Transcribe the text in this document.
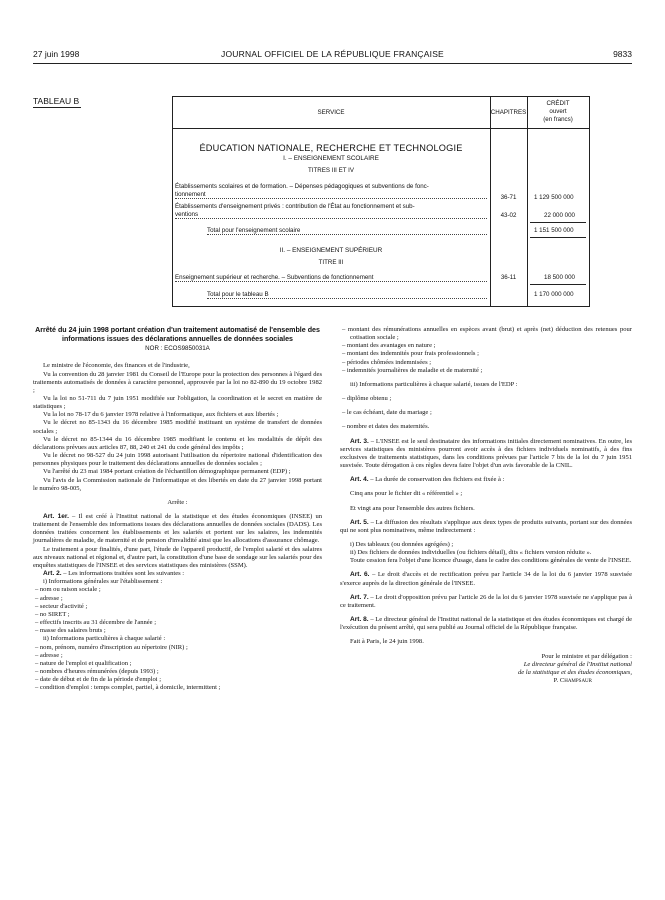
27 juin 1998	JOURNAL OFFICIEL DE LA RÉPUBLIQUE FRANÇAISE	9833
TABLEAU B
SERVICE	CHAPITRES
CRÉDIT
ouvert
(en francs)
ÉDUCATION NATIONALE, RECHERCHE ET TECHNOLOGIE
I. – ENSEIGNEMENT SCOLAIRE
TITRES III ET IV
Établissements scolaires et de formation. – Dépenses pédagogiques et subventions de fonc-
tionnement	36-71	1 129 500 000
Établissements d'enseignement privés : contribution de l'État au fonctionnement et sub-
ventions	43-02	22 000 000
Total pour l'enseignement scolaire	1 151 500 000
II. – ENSEIGNEMENT SUPÉRIEUR
TITRE III
Enseignement supérieur et recherche. – Subventions de fonctionnement	36-11	18 500 000
Total pour le tableau B	1 170 000 000
Arrêté du 24 juin 1998 portant création d'un traitement automatisé de l'ensemble des informations issues des déclarations annuelles de données sociales
NOR : ECOS9850031A

Le ministre de l'économie, des finances et de l'industrie,

Vu la convention du 28 janvier 1981 du Conseil de l'Europe pour la protection des personnes à l'égard des traitements automatisés de données à caractère personnel, approuvée par la loi no 82-890 du 19 octobre 1982 ;

Vu la loi no 51-711 du 7 juin 1951 modifiée sur l'obligation, la coordination et le secret en matière de statistiques ;

Vu la loi no 78-17 du 6 janvier 1978 relative à l'informatique, aux fichiers et aux libertés ;

Vu le décret no 85-1343 du 16 décembre 1985 modifié instituant un système de transfert de données sociales ;

Vu le décret no 85-1344 du 16 décembre 1985 modifiant le contenu et les modalités de dépôt des déclarations prévues aux articles 87, 88, 240 et 241 du code général des impôts ;

Vu le décret no 98-527 du 24 juin 1998 autorisant l'utilisation du répertoire national d'identification des personnes physiques pour le traitement des déclarations annuelles de données sociales ;

Vu l'arrêté du 23 mai 1984 portant création de l'échantillon démographique permanent (EDP) ;

Vu l'avis de la Commission nationale de l'informatique et des libertés en date du 27 janvier 1998 portant le numéro 98-005,

Arrête :

Art. 1er. – Il est créé à l'Institut national de la statistique et des études économiques (INSEE) un traitement de l'ensemble des informations issues des déclarations annuelles de données sociales (DADS). Les données traitées concernent les établissements et les salariés et portent sur les salaires, les indemnités journalières de maladie, de maternité et de pension d'invalidité ainsi que les allocations d'assurance chômage.

Le traitement a pour finalités, d'une part, l'étude de l'appareil productif, de l'emploi salarié et des salaires aux niveaux national et régional et, d'autre part, la constitution d'une base de sondage sur les salariés pour des enquêtes statistiques de l'INSEE et des services statistiques des ministères (SSM).

Art. 2. – Les informations traitées sont les suivantes :

i) Informations générales sur l'établissement :

– nom ou raison sociale ;

– adresse ;

– secteur d'activité ;

– no SIRET ;

– effectifs inscrits au 31 décembre de l'année ;

– masse des salaires bruts ;

ii) Informations particulières à chaque salarié :

– nom, prénom, numéro d'inscription au répertoire (NIR) ;

– adresse ;

– nature de l'emploi et qualification ;

– nombres d'heures rémunérées (depuis 1993) ;

– date de début et de fin de la période d'emploi ;

– condition d'emploi : temps complet, partiel, à domicile, intermittent ;

– montant des rémunérations annuelles en espèces avant (brut) et après (net) déduction des retenues pour cotisation sociale ;

– montant des avantages en nature ;

– montant des indemnités pour frais professionnels ;

– périodes chômées indemnisées ;

– indemnités journalières de maladie et de maternité ;

iii) Informations particulières à chaque salarié, issues de l'EDP :

– diplôme obtenu ;

– le cas échéant, date du mariage ;

– nombre et dates des maternités.

Art. 3. – L'INSEE est le seul destinataire des informations initiales directement nominatives. En outre, les services statistiques des ministères pourront avoir accès à des fichiers individuels nominatifs, à des fins exclusives de traitements statistiques, dans les conditions prévues par l'article 7 bis de la loi du 7 juin 1951 susvisée. Toute dérogation à ces règles devra faire l'objet d'un avis favorable de la CNIL.

Art. 4. – La durée de conservation des fichiers est fixée à :

Cinq ans pour le fichier dit « référentiel » ;

Et vingt ans pour l'ensemble des autres fichiers.

Art. 5. – La diffusion des résultats s'applique aux deux types de produits suivants, portant sur des données qui ne sont plus nominatives, même indirectement :

i) Des tableaux (ou données agrégées) ;

ii) Des fichiers de données individuelles (ou fichiers détail), dits « fichiers version réduite ».

Toute cession fera l'objet d'une licence d'usage, dans le cadre des conditions générales de vente de l'INSEE.

Art. 6. – Le droit d'accès et de rectification prévu par l'article 34 de la loi du 6 janvier 1978 susvisée s'exerce auprès de la direction générale de l'INSEE.

Art. 7. – Le droit d'opposition prévu par l'article 26 de la loi du 6 janvier 1978 susvisée ne s'applique pas à ce traitement.

Art. 8. – Le directeur général de l'Institut national de la statistique et des études économiques est chargé de l'exécution du présent arrêté, qui sera publié au Journal officiel de la République française.

Fait à Paris, le 24 juin 1998.

Pour le ministre et par délégation :

Le directeur général de l'Institut national

de la statistique et des études économiques,

P. Champsaur
